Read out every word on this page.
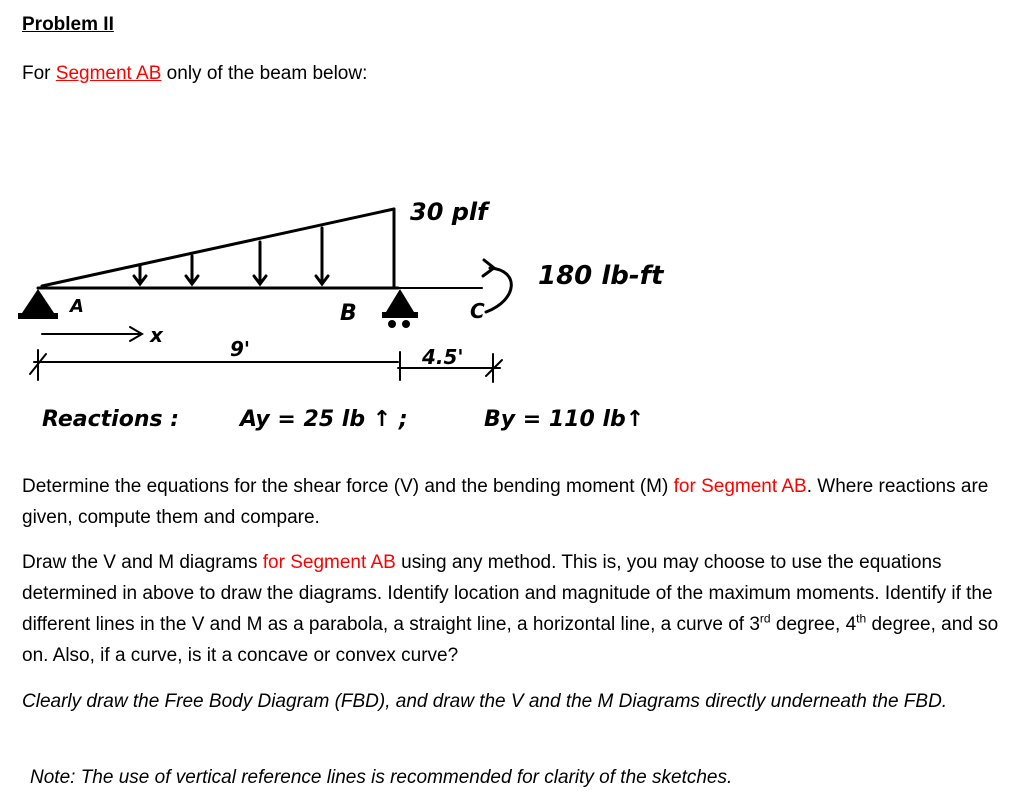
Problem II
For Segment AB only of the beam below:
30 plf
180 lb-ft
A	B	C
x
9'	4.5'
Reactions :	Ay = 25 lb ↑ ;	By = 110 lb↑
Determine the equations for the shear force (V) and the bending moment (M) for Segment AB. Where reactions are given, compute them and compare.
Draw the V and M diagrams for Segment AB using any method. This is, you may choose to use the equations determined in above to draw the diagrams. Identify location and magnitude of the maximum moments. Identify if the different lines in the V and M as a parabola, a straight line, a horizontal line, a curve of 3rd degree, 4th degree, and so on. Also, if a curve, is it a concave or convex curve?
Clearly draw the Free Body Diagram (FBD), and draw the V and the M Diagrams directly underneath the FBD.
Note: The use of vertical reference lines is recommended for clarity of the sketches.
